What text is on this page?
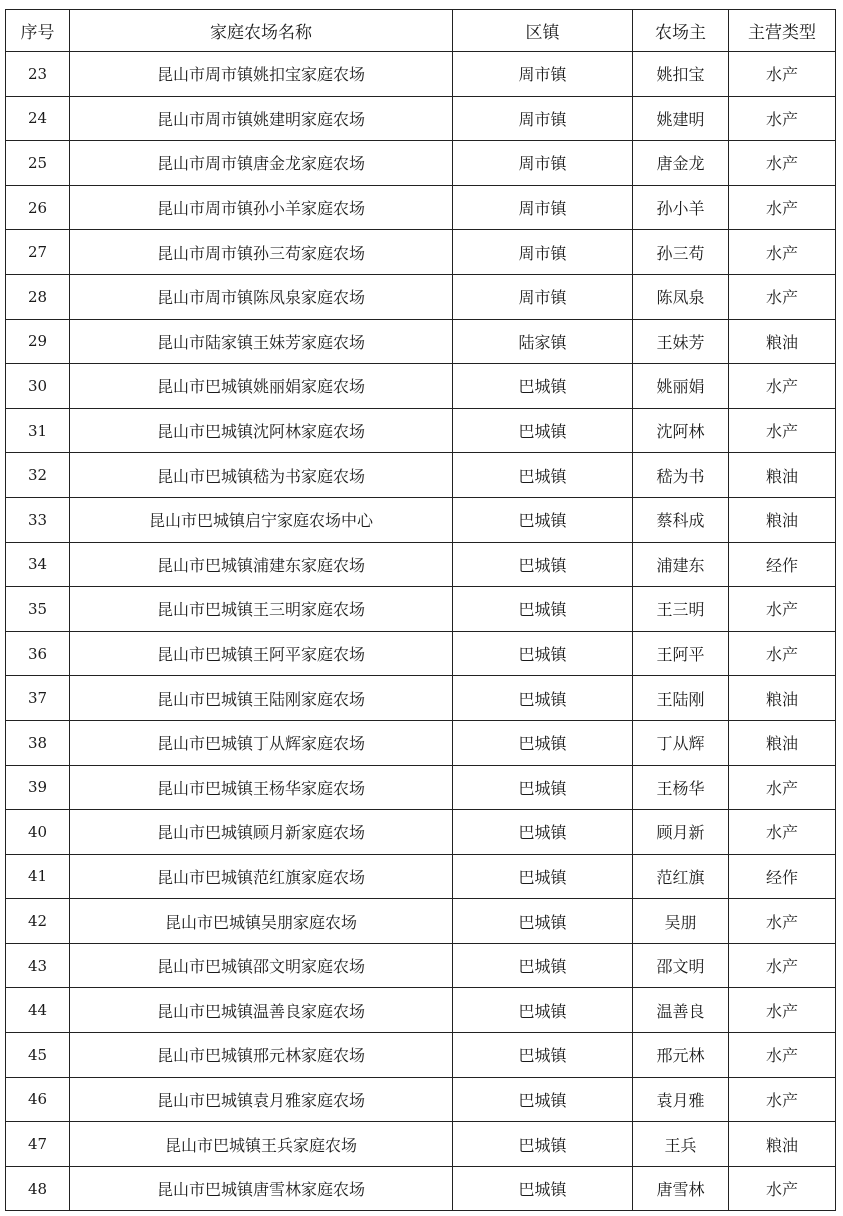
序号	家庭农场名称	区镇	农场主	主营类型
23	昆山市周市镇姚扣宝家庭农场	周市镇	姚扣宝	水产
24	昆山市周市镇姚建明家庭农场	周市镇	姚建明	水产
25	昆山市周市镇唐金龙家庭农场	周市镇	唐金龙	水产
26	昆山市周市镇孙小羊家庭农场	周市镇	孙小羊	水产
27	昆山市周市镇孙三苟家庭农场	周市镇	孙三苟	水产
28	昆山市周市镇陈凤泉家庭农场	周市镇	陈凤泉	水产
29	昆山市陆家镇王妹芳家庭农场	陆家镇	王妹芳	粮油
30	昆山市巴城镇姚丽娟家庭农场	巴城镇	姚丽娟	水产
31	昆山市巴城镇沈阿林家庭农场	巴城镇	沈阿林	水产
32	昆山市巴城镇嵇为书家庭农场	巴城镇	嵇为书	粮油
33	昆山市巴城镇启宁家庭农场中心	巴城镇	蔡科成	粮油
34	昆山市巴城镇浦建东家庭农场	巴城镇	浦建东	经作
35	昆山市巴城镇王三明家庭农场	巴城镇	王三明	水产
36	昆山市巴城镇王阿平家庭农场	巴城镇	王阿平	水产
37	昆山市巴城镇王陆刚家庭农场	巴城镇	王陆刚	粮油
38	昆山市巴城镇丁从辉家庭农场	巴城镇	丁从辉	粮油
39	昆山市巴城镇王杨华家庭农场	巴城镇	王杨华	水产
40	昆山市巴城镇顾月新家庭农场	巴城镇	顾月新	水产
41	昆山市巴城镇范红旗家庭农场	巴城镇	范红旗	经作
42	昆山市巴城镇吴朋家庭农场	巴城镇	吴朋	水产
43	昆山市巴城镇邵文明家庭农场	巴城镇	邵文明	水产
44	昆山市巴城镇温善良家庭农场	巴城镇	温善良	水产
45	昆山市巴城镇邢元林家庭农场	巴城镇	邢元林	水产
46	昆山市巴城镇袁月雅家庭农场	巴城镇	袁月雅	水产
47	昆山市巴城镇王兵家庭农场	巴城镇	王兵	粮油
48	昆山市巴城镇唐雪林家庭农场	巴城镇	唐雪林	水产
